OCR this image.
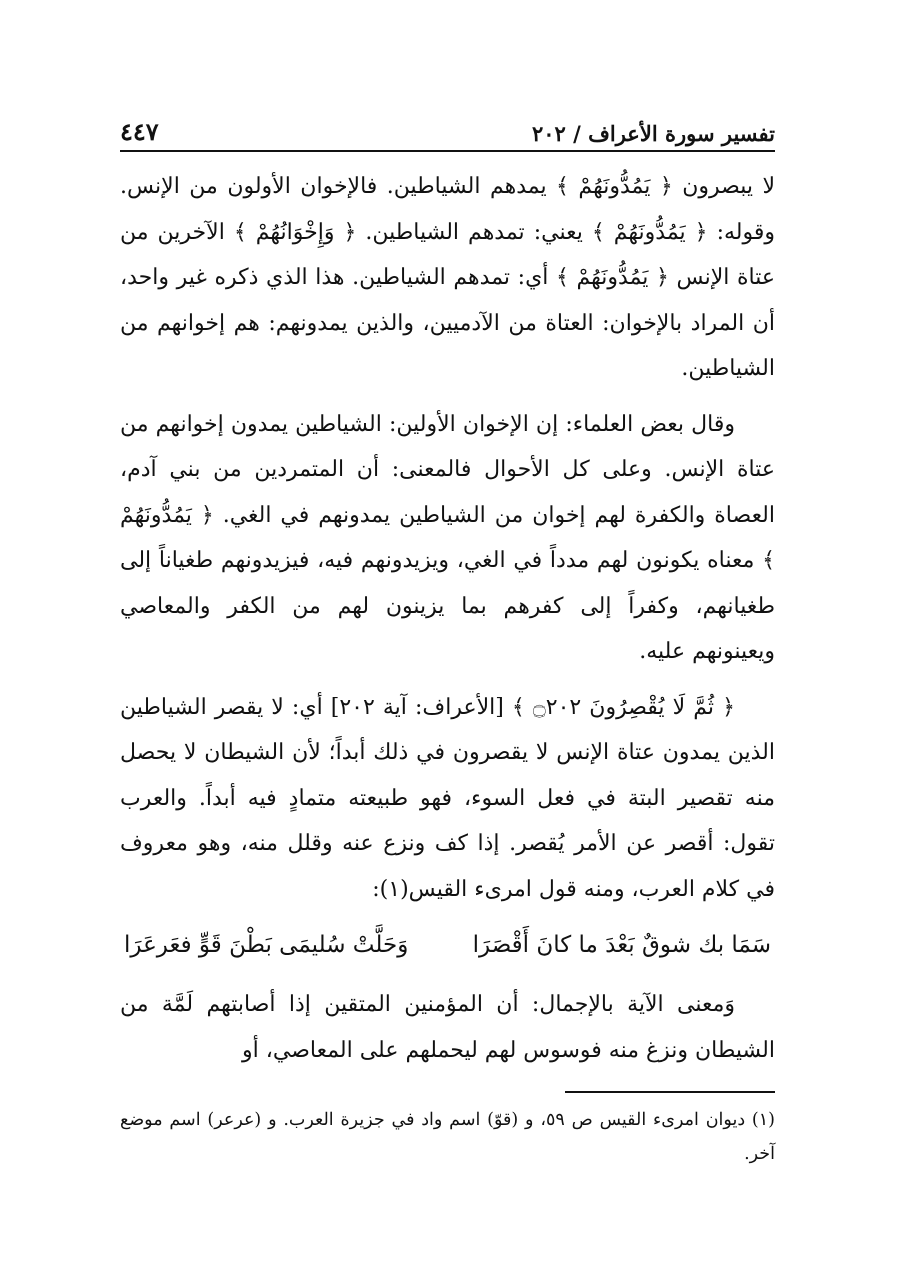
تفسير سورة الأعراف / ٢٠٢
٤٤٧

لا يبصرون ﴿ يَمُدُّونَهُمْ ﴾ يمدهم الشياطين. فالإخوان الأولون من الإنس. وقوله: ﴿ يَمُدُّونَهُمْ ﴾ يعني: تمدهم الشياطين. ﴿ وَإِخْوَانُهُمْ ﴾ الآخرين من عتاة الإنس ﴿ يَمُدُّونَهُمْ ﴾ أي: تمدهم الشياطين. هذا الذي ذكره غير واحد، أن المراد بالإخوان: العتاة من الآدميين، والذين يمدونهم: هم إخوانهم من الشياطين.

وقال بعض العلماء: إن الإخوان الأولين: الشياطين يمدون إخوانهم من عتاة الإنس. وعلى كل الأحوال فالمعنى: أن المتمردين من بني آدم، العصاة والكفرة لهم إخوان من الشياطين يمدونهم في الغي. ﴿ يَمُدُّونَهُمْ ﴾ معناه يكونون لهم مدداً في الغي، ويزيدونهم فيه، فيزيدونهم طغياناً إلى طغيانهم، وكفراً إلى كفرهم بما يزينون لهم من الكفر والمعاصي ويعينونهم عليه.

﴿ ثُمَّ لَا يُقْصِرُونَ ۝٢٠٢ ﴾ [الأعراف: آية ٢٠٢] أي: لا يقصر الشياطين الذين يمدون عتاة الإنس لا يقصرون في ذلك أبداً؛ لأن الشيطان لا يحصل منه تقصير البتة في فعل السوء، فهو طبيعته متمادٍ فيه أبداً. والعرب تقول: أقصر عن الأمر يُقصر. إذا كف ونزع عنه وقلل منه، وهو معروف في كلام العرب، ومنه قول امرىء القيس(١):

سَمَا بك شوقٌ بَعْدَ ما كانَ أَقْصَرَا
وَحَلَّتْ سُليمَى بَطْنَ قَوٍّ فعَرعَرَا

وَمعنى الآية بالإجمال: أن المؤمنين المتقين إذا أصابتهم لَمَّة من الشيطان ونزغ منه فوسوس لهم ليحملهم على المعاصي، أو

(١) ديوان امرىء القيس ص ٥٩، و (قوّ) اسم واد في جزيرة العرب. و (عرعر) اسم موضع آخر.
